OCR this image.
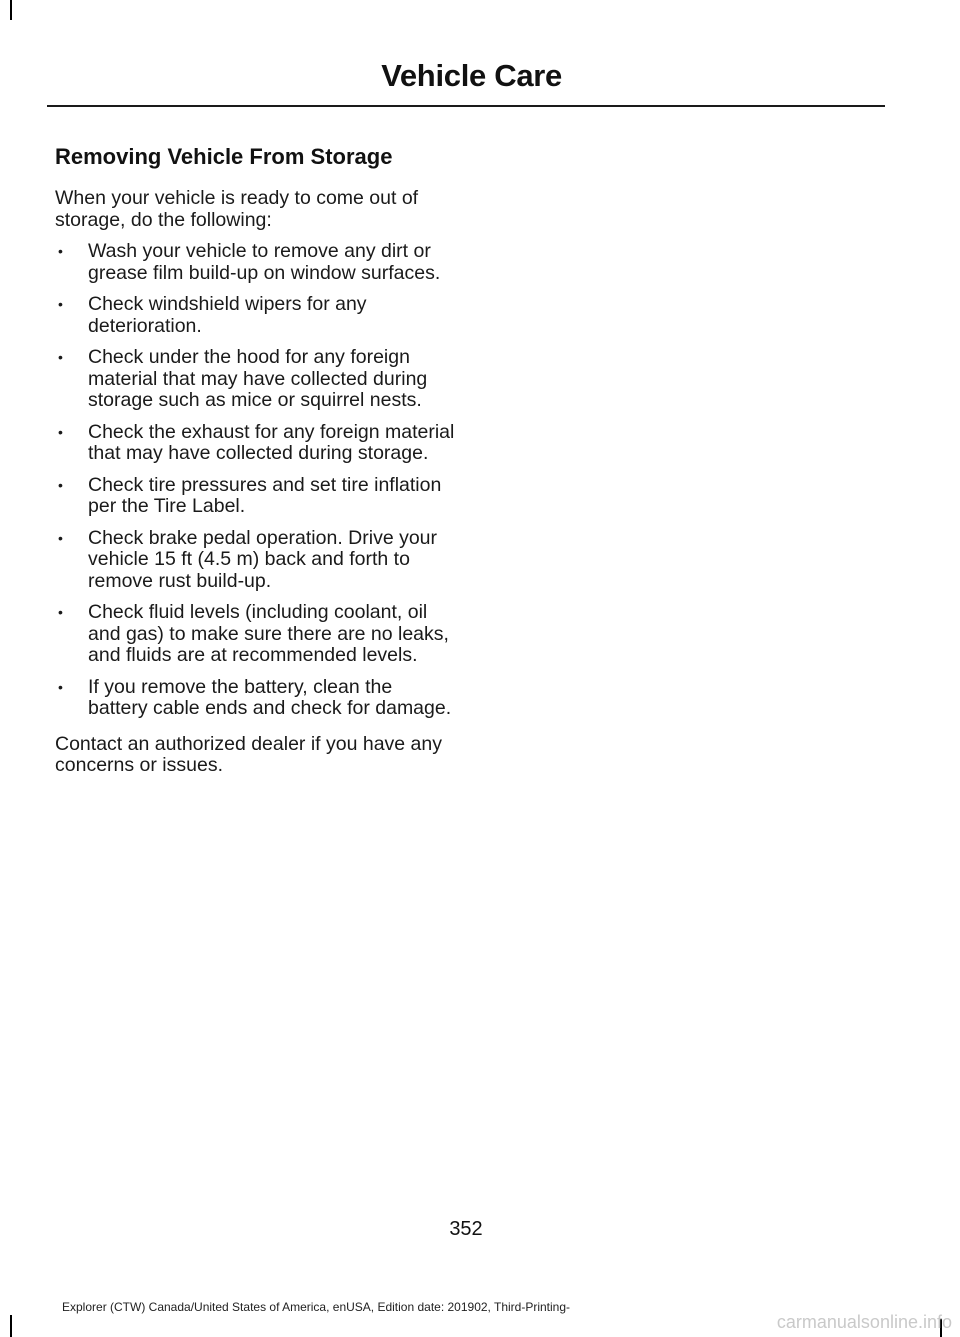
Vehicle Care
Removing Vehicle From Storage

When your vehicle is ready to come out of storage, do the following:

• Wash your vehicle to remove any dirt or grease film build-up on window surfaces.
• Check windshield wipers for any deterioration.
• Check under the hood for any foreign material that may have collected during storage such as mice or squirrel nests.
• Check the exhaust for any foreign material that may have collected during storage.
• Check tire pressures and set tire inflation per the Tire Label.
• Check brake pedal operation. Drive your vehicle 15 ft (4.5 m) back and forth to remove rust build-up.
• Check fluid levels (including coolant, oil and gas) to make sure there are no leaks, and fluids are at recommended levels.
• If you remove the battery, clean the battery cable ends and check for damage.

Contact an authorized dealer if you have any concerns or issues.

352
Explorer (CTW) Canada/United States of America, enUSA, Edition date: 201902, Third-Printing-
carmanualsonline.info
